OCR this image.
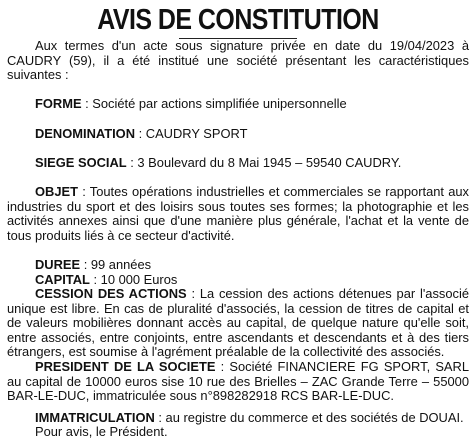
AVIS DE CONSTITUTION

Aux termes d'un acte sous signature privée en date du 19/04/2023 à CAUDRY (59), il a été institué une société présentant les caractéristiques suivantes :

FORME : Société par actions simplifiée unipersonnelle

DENOMINATION : CAUDRY SPORT

SIEGE SOCIAL : 3 Boulevard du 8 Mai 1945 – 59540 CAUDRY.

OBJET : Toutes opérations industrielles et commerciales se rapportant aux industries du sport et des loisirs sous toutes ses formes; la photographie et les activités annexes ainsi que d'une manière plus générale, l'achat et la vente de tous produits liés à ce secteur d'activité.

DUREE : 99 années

CAPITAL : 10 000 Euros

CESSION DES ACTIONS : La cession des actions détenues par l'associé unique est libre. En cas de pluralité d'associés, la cession de titres de capital et de valeurs mobilières donnant accès au capital, de quelque nature qu'elle soit, entre associés, entre conjoints, entre ascendants et descendants et à des tiers étrangers, est soumise à l'agrément préalable de la collectivité des associés.

PRESIDENT DE LA SOCIETE : Société FINANCIERE FG SPORT, SARL au capital de 10000 euros sise 10 rue des Brielles – ZAC Grande Terre – 55000 BAR-LE-DUC, immatriculée sous n°898282918 RCS BAR-LE-DUC.

IMMATRICULATION : au registre du commerce et des sociétés de DOUAI.

Pour avis, le Président.
